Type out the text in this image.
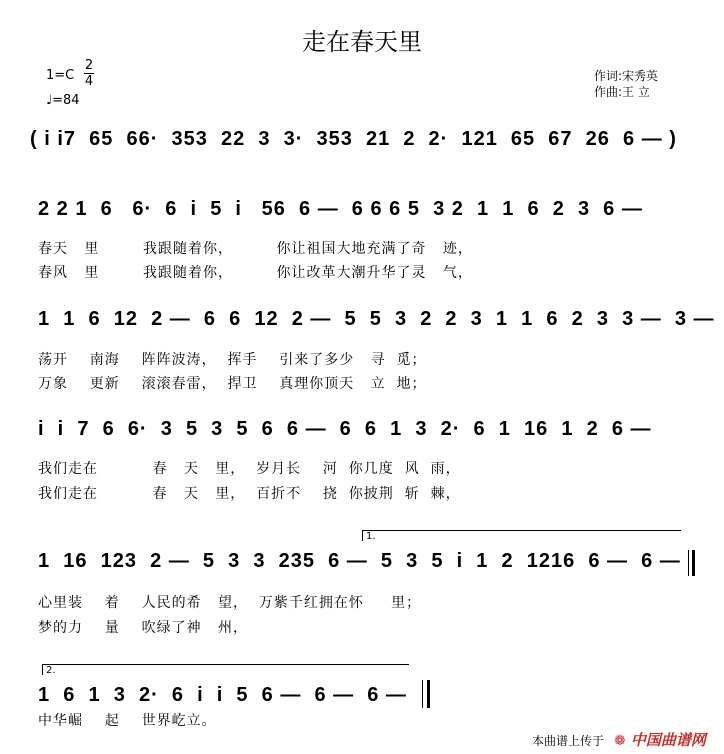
走在春天里
1=C
2
4
♩=84
作词:宋秀英
作曲:王 立
( i i7  65  66·  353  22  3  3·  353  21  2  2·  121  65  67  26  6 — )
2 2 1  6   6·  6  i  5  i   56  6 —  6 6 6 5  3 2  1  1  6  2  3  6 —
春天   里        我跟随着你，        你让祖国大地充满了奇   迹，
春风   里        我跟随着你，        你让改革大潮升华了灵   气，
1  1  6  12  2 —  6  6  12  2 —  5  5  3  2  2  3  1  1  6  2  3  3 —  3 —
荡开    南海    阵阵波涛，  挥手    引来了多少   寻  觅；
万象    更新    滚滚春雷，  捍卫    真理你顶天   立  地；
i  i  7  6  6·  3  5  3  5  6  6 —  6  6  1  3  2·  6  1  16  1  2  6 —
我们走在          春   天   里，  岁月长    河  你几度  风  雨，
我们走在          春   天   里，  百折不    挠  你披荆  斩  棘，
1.
1  16  123  2 —  5  3  3  235  6 —  5  3  5  i  1  2  1216  6 —  6 —
心里装    着    人民的希   望，  万紫千红拥在怀     里；
梦的力    量    吹绿了神   州，
2.
1  6  1  3  2·  6  i  i  5  6 —  6 —  6 —
中华崛    起    世界屹立。
本曲谱上传于 ❁ 中国曲谱网
